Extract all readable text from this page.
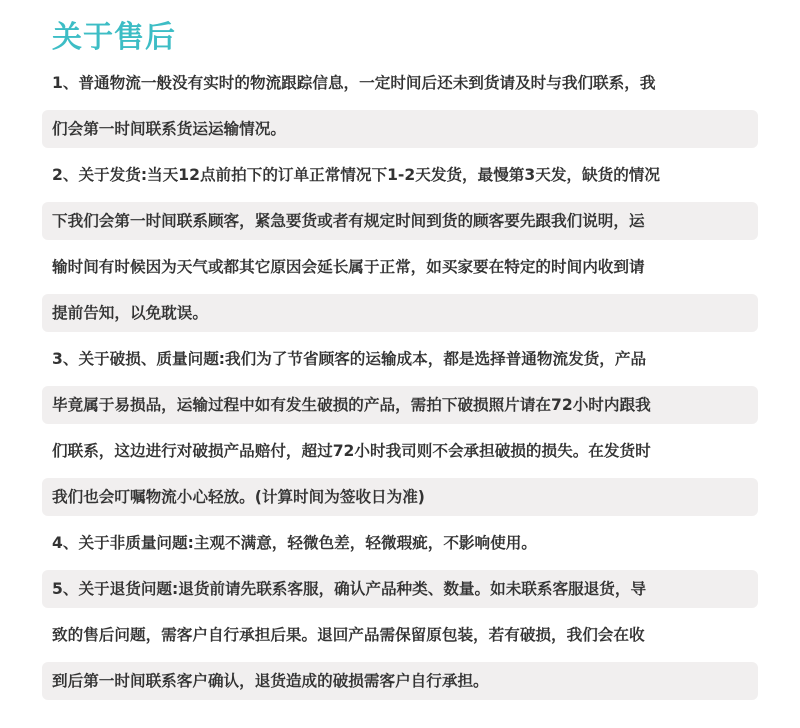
关于售后
1、普通物流一般没有实时的物流跟踪信息，一定时间后还未到货请及时与我们联系，我
们会第一时间联系货运运输情况。
2、关于发货:当天12点前拍下的订单正常情况下1-2天发货，最慢第3天发，缺货的情况
下我们会第一时间联系顾客，紧急要货或者有规定时间到货的顾客要先跟我们说明，运
输时间有时候因为天气或都其它原因会延长属于正常，如买家要在特定的时间内收到请
提前告知，以免耽误。
3、关于破损、质量问题:我们为了节省顾客的运输成本，都是选择普通物流发货，产品
毕竟属于易损品，运输过程中如有发生破损的产品，需拍下破损照片请在72小时内跟我
们联系，这边进行对破损产品赔付，超过72小时我司则不会承担破损的损失。在发货时
我们也会叮嘱物流小心轻放。(计算时间为签收日为准)
4、关于非质量问题:主观不满意，轻微色差，轻微瑕疵，不影响使用。
5、关于退货问题:退货前请先联系客服，确认产品种类、数量。如未联系客服退货，导
致的售后问题，需客户自行承担后果。退回产品需保留原包装，若有破损，我们会在收
到后第一时间联系客户确认，退货造成的破损需客户自行承担。
